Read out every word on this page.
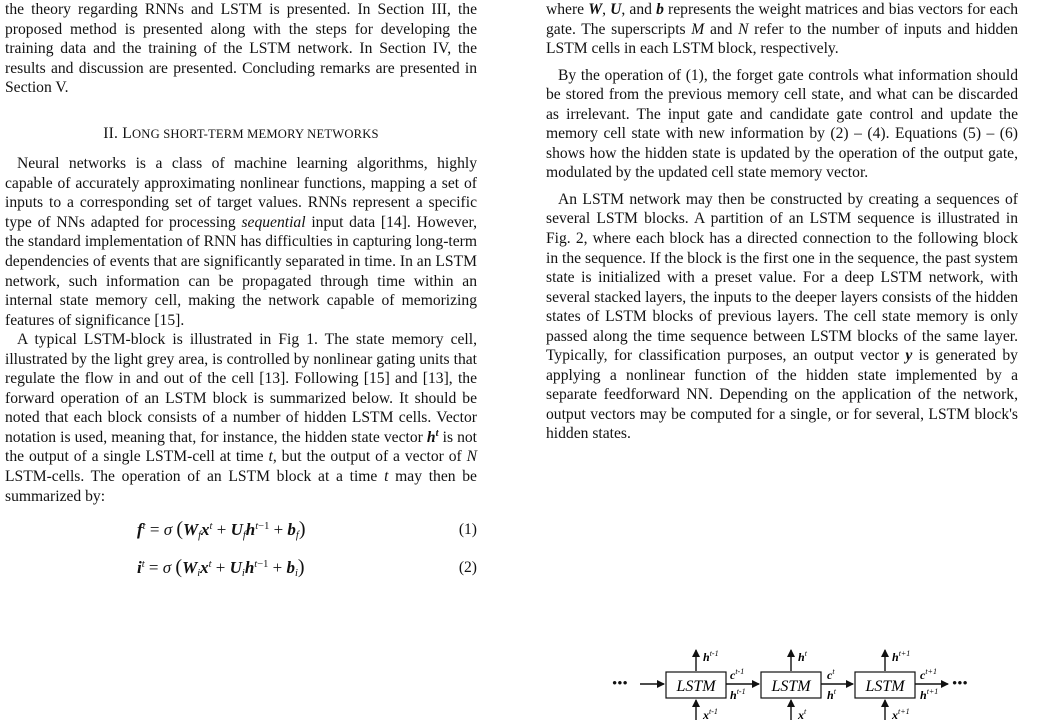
the theory regarding RNNs and LSTM is presented. In Section III, the proposed method is presented along with the steps for developing the training data and the training of the LSTM network. In Section IV, the results and discussion are presented. Concluding remarks are presented in Section V.

II. LONG SHORT-TERM MEMORY NETWORKS

Neural networks is a class of machine learning algorithms, highly capable of accurately approximating nonlinear functions, mapping a set of inputs to a corresponding set of target values. RNNs represent a specific type of NNs adapted for processing sequential input data [14]. However, the standard implementation of RNN has difficulties in capturing long-term dependencies of events that are significantly separated in time. In an LSTM network, such information can be propagated through time within an internal state memory cell, making the network capable of memorizing features of significance [15].

A typical LSTM-block is illustrated in Fig 1. The state memory cell, illustrated by the light grey area, is controlled by nonlinear gating units that regulate the flow in and out of the cell [13]. Following [15] and [13], the forward operation of an LSTM block is summarized below. It should be noted that each block consists of a number of hidden LSTM cells. Vector notation is used, meaning that, for instance, the hidden state vector $h^t$ is not the output of a single LSTM-cell at time t, but the output of a vector of N LSTM-cells. The operation of an LSTM block at a time t may then be summarized by:

$f^t = \sigma$ $(W_fx^t + U_fh^{t-1} + b_f)$	(1)
$i^t = \sigma$ $(W_ix^t + U_ih^{t-1} + b_i)$	(2)

where W, U, and b represents the weight matrices and bias vectors for each gate. The superscripts M and N refer to the number of inputs and hidden LSTM cells in each LSTM block, respectively.

By the operation of (1), the forget gate controls what information should be stored from the previous memory cell state, and what can be discarded as irrelevant. The input gate and candidate gate control and update the memory cell state with new information by (2) – (4). Equations (5) – (6) shows how the hidden state is updated by the operation of the output gate, modulated by the updated cell state memory vector.

An LSTM network may then be constructed by creating a sequences of several LSTM blocks. A partition of an LSTM sequence is illustrated in Fig. 2, where each block has a directed connection to the following block in the sequence. If the block is the first one in the sequence, the past system state is initialized with a preset value. For a deep LSTM network, with several stacked layers, the inputs to the deeper layers consists of the hidden states of LSTM blocks of previous layers. The cell state memory is only passed along the time sequence between LSTM blocks of the same layer. Typically, for classification purposes, an output vector y is generated by applying a nonlinear function of the hidden state implemented by a separate feedforward NN. Depending on the application of the network, output vectors may be computed for a single, or for several, LSTM block's hidden states.

•••	LSTM
$h^{t-1}$
$x^{t-1}$
$c^{t-1}$
$h^{t-1}$ LSTM
$h^t$
$x^t$
$c^t$
$h^t$ LSTM
$h^{t+1}$
$x^{t+1}$
$c^{t+1}$
$h^{t+1}$ •••
